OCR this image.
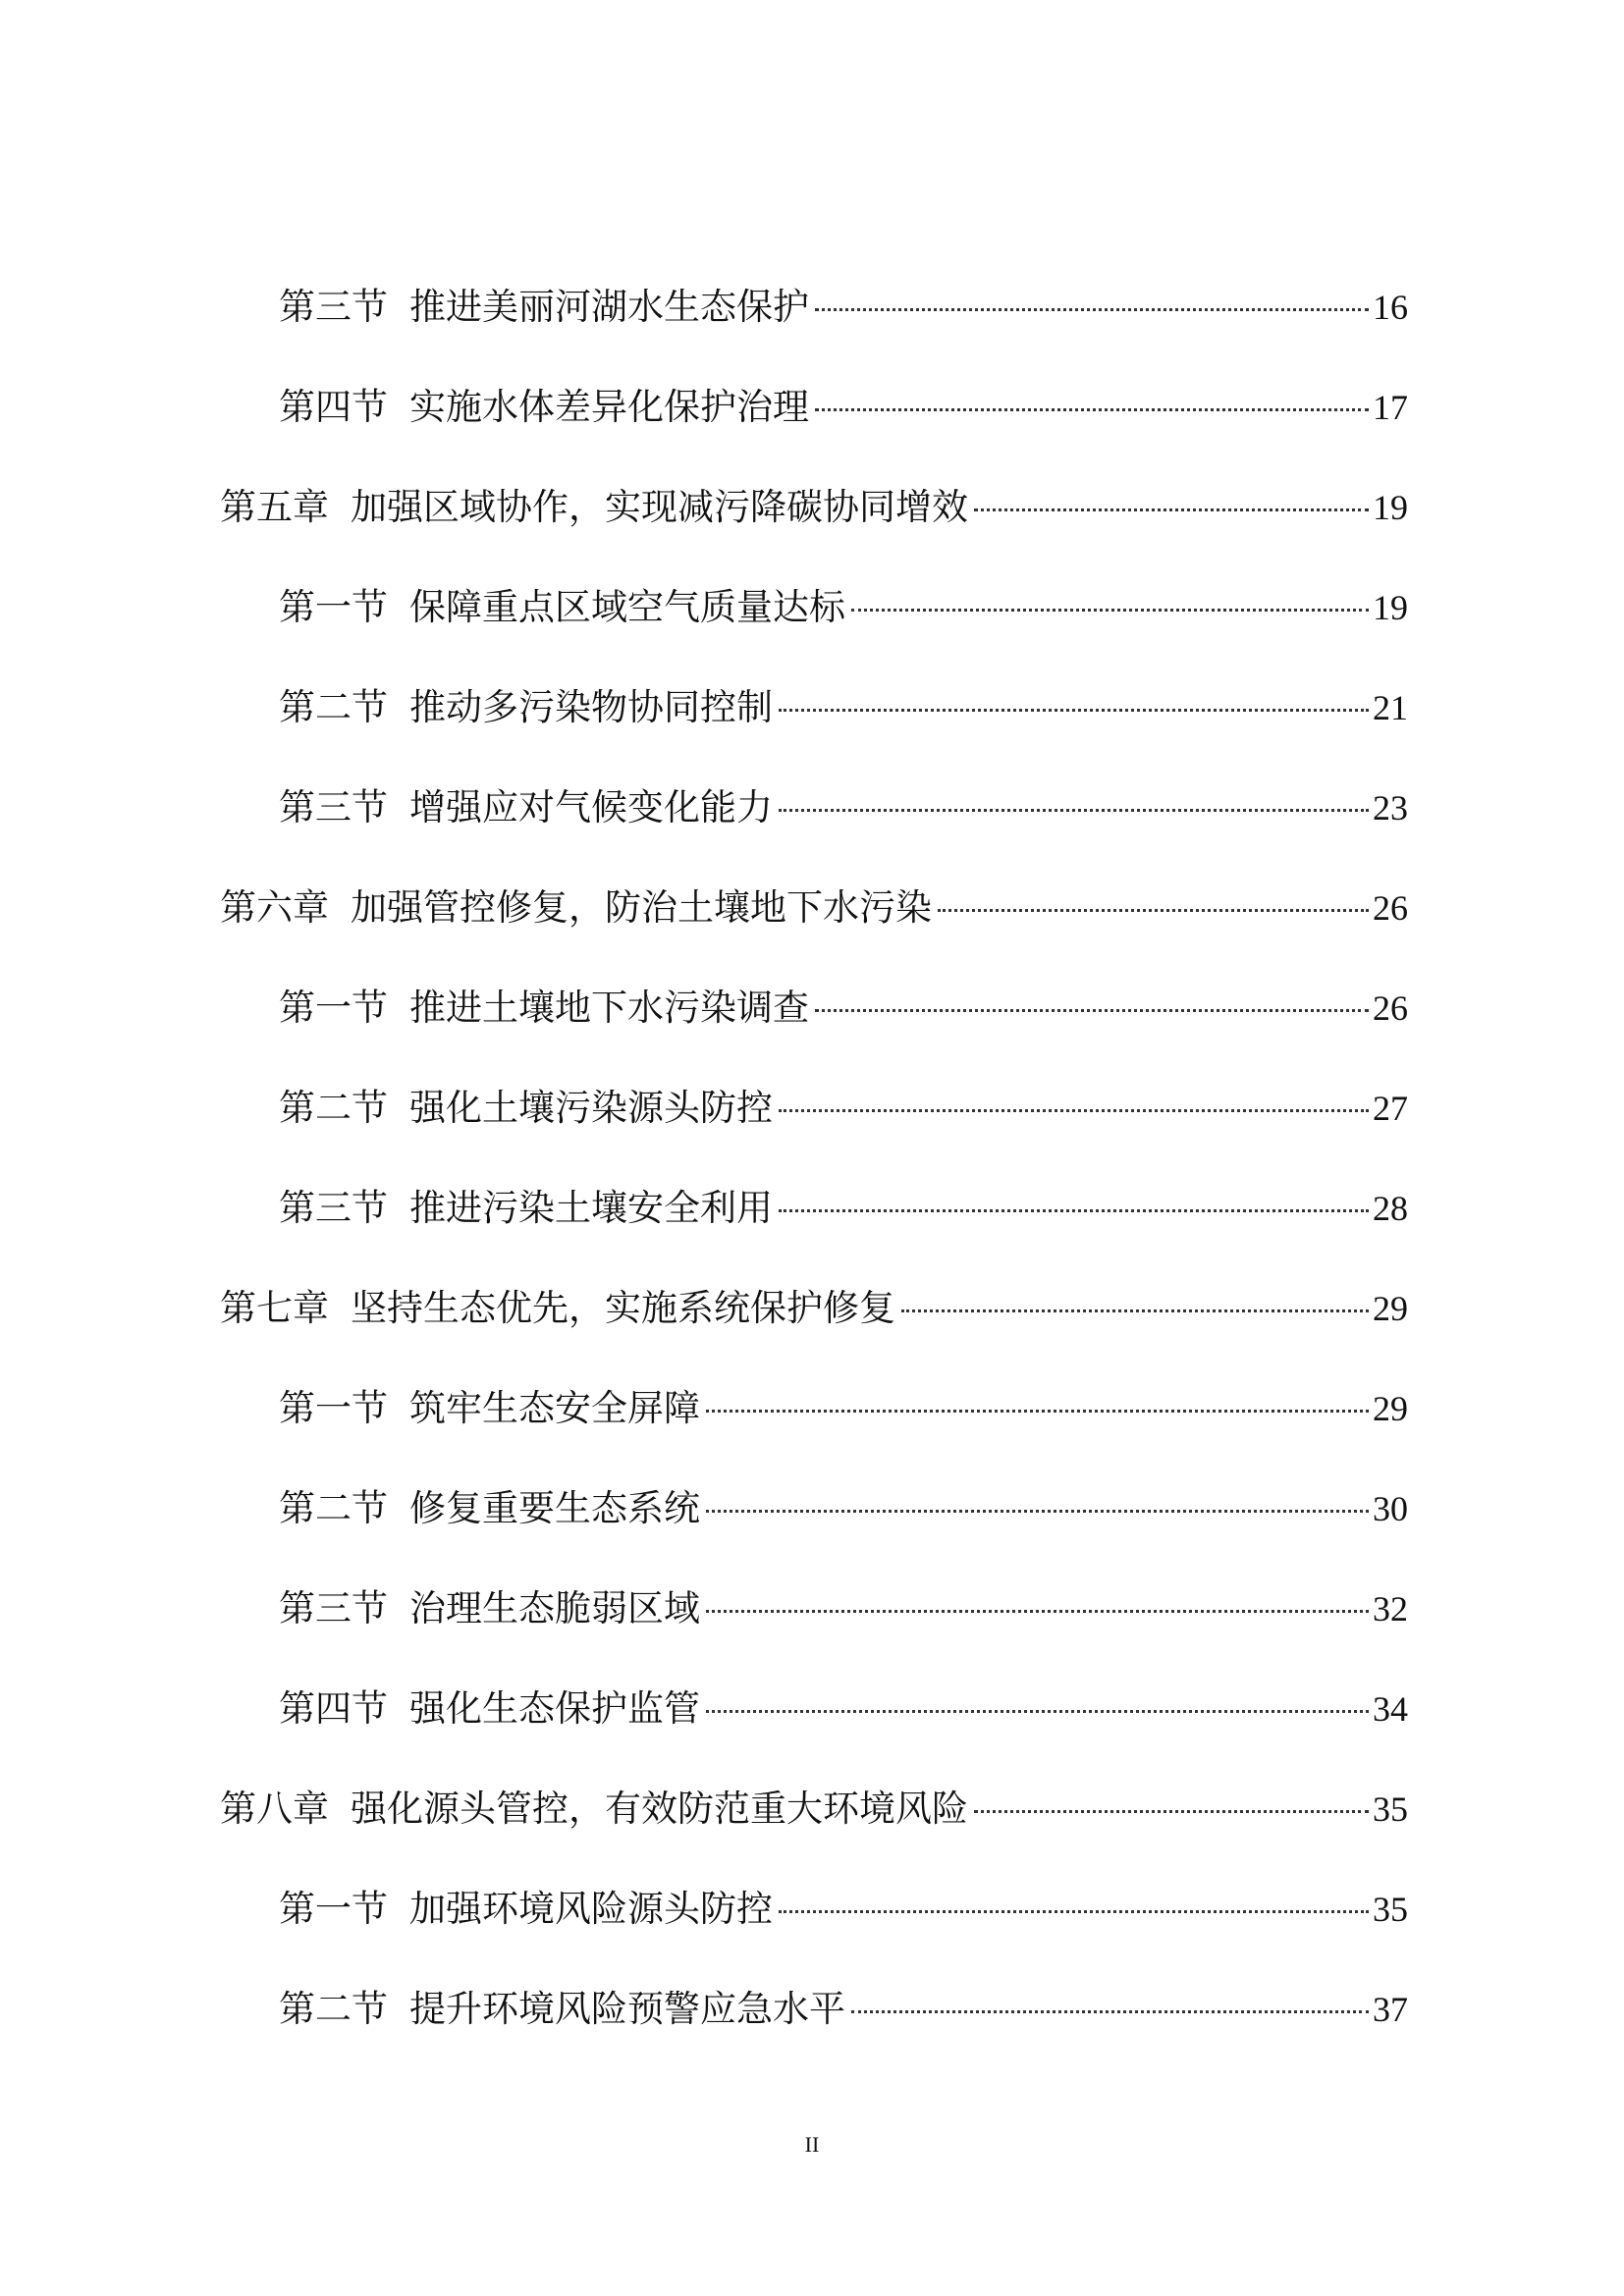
第三节 推进美丽河湖水生态保护	16
第四节 实施水体差异化保护治理	17
第五章 加强区域协作，实现减污降碳协同增效	19
第一节 保障重点区域空气质量达标	19
第二节 推动多污染物协同控制	21
第三节 增强应对气候变化能力	23
第六章 加强管控修复，防治土壤地下水污染	26
第一节 推进土壤地下水污染调查	26
第二节 强化土壤污染源头防控	27
第三节 推进污染土壤安全利用	28
第七章 坚持生态优先，实施系统保护修复	29
第一节 筑牢生态安全屏障	29
第二节 修复重要生态系统	30
第三节 治理生态脆弱区域	32
第四节 强化生态保护监管	34
第八章 强化源头管控，有效防范重大环境风险	35
第一节 加强环境风险源头防控	35
第二节 提升环境风险预警应急水平	37
II
